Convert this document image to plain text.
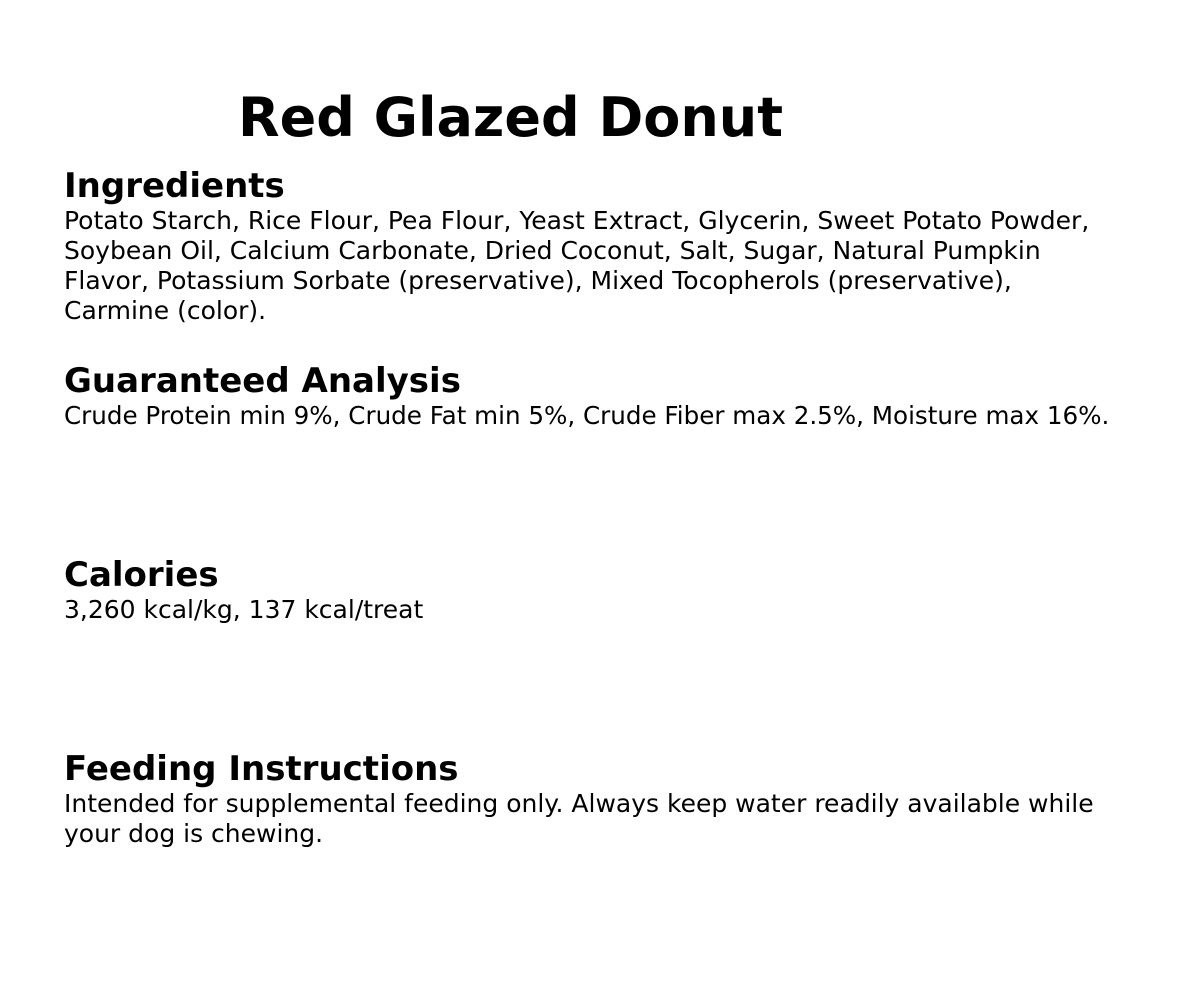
Red Glazed Donut
Ingredients

Potato Starch, Rice Flour, Pea Flour, Yeast Extract, Glycerin, Sweet Potato Powder, Soybean Oil, Calcium Carbonate, Dried Coconut, Salt, Sugar, Natural Pumpkin Flavor, Potassium Sorbate (preservative), Mixed Tocopherols (preservative), Carmine (color).

Guaranteed Analysis

Crude Protein min 9%, Crude Fat min 5%, Crude Fiber max 2.5%, Moisture max 16%.

Calories

3,260 kcal/kg, 137 kcal/treat

Feeding Instructions

Intended for supplemental feeding only. Always keep water readily available while your dog is chewing.
